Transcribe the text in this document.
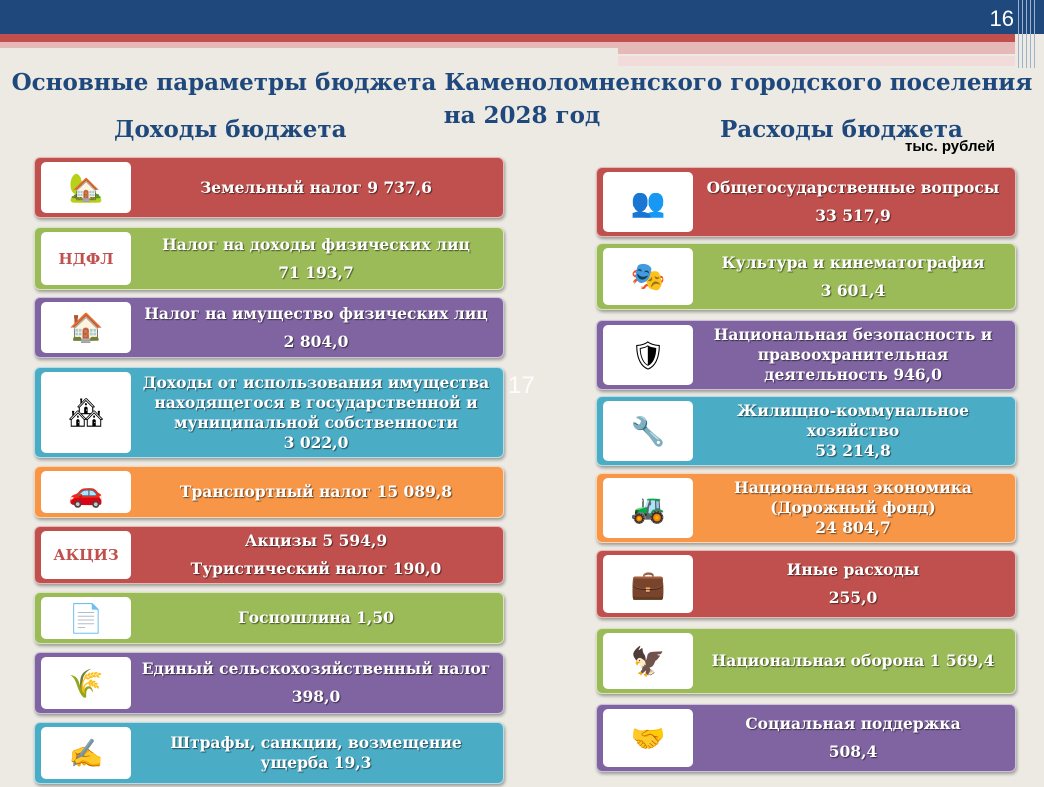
16
Основные параметры бюджета Каменоломненского городского поселения на 2028 год
Доходы бюджета	Расходы бюджета
тыс. рублей
17
🏡	Земельный налог 9 737,6
НДФЛ
Налог на доходы физических лиц
71 193,7
🏠	Налог на имущество физических лиц
2 804,0
🏘
Доходы от использования имущества
находящегося в государственной и
муниципальной собственности
3 022,0
🚗	Транспортный налог 15 089,8
АКЦИЗ
Акцизы 5 594,9
Туристический налог 190,0
📄	Госпошлина 1,50
🌾	Единый сельскохозяйственный налог
398,0
✍	Штрафы, санкции, возмещение
ущерба 19,3
👥	Общегосударственные вопросы
33 517,9
🎭	Культура и кинематография
3 601,4
🛡
Национальная безопасность и
правоохранительная
деятельность 946,0
🔧
Жилищно-коммунальное
хозяйство
53 214,8
🚜
Национальная экономика
(Дорожный фонд)
24 804,7
💼	Иные расходы
255,0
🦅	Национальная оборона 1 569,4
🤝	Социальная поддержка
508,4
